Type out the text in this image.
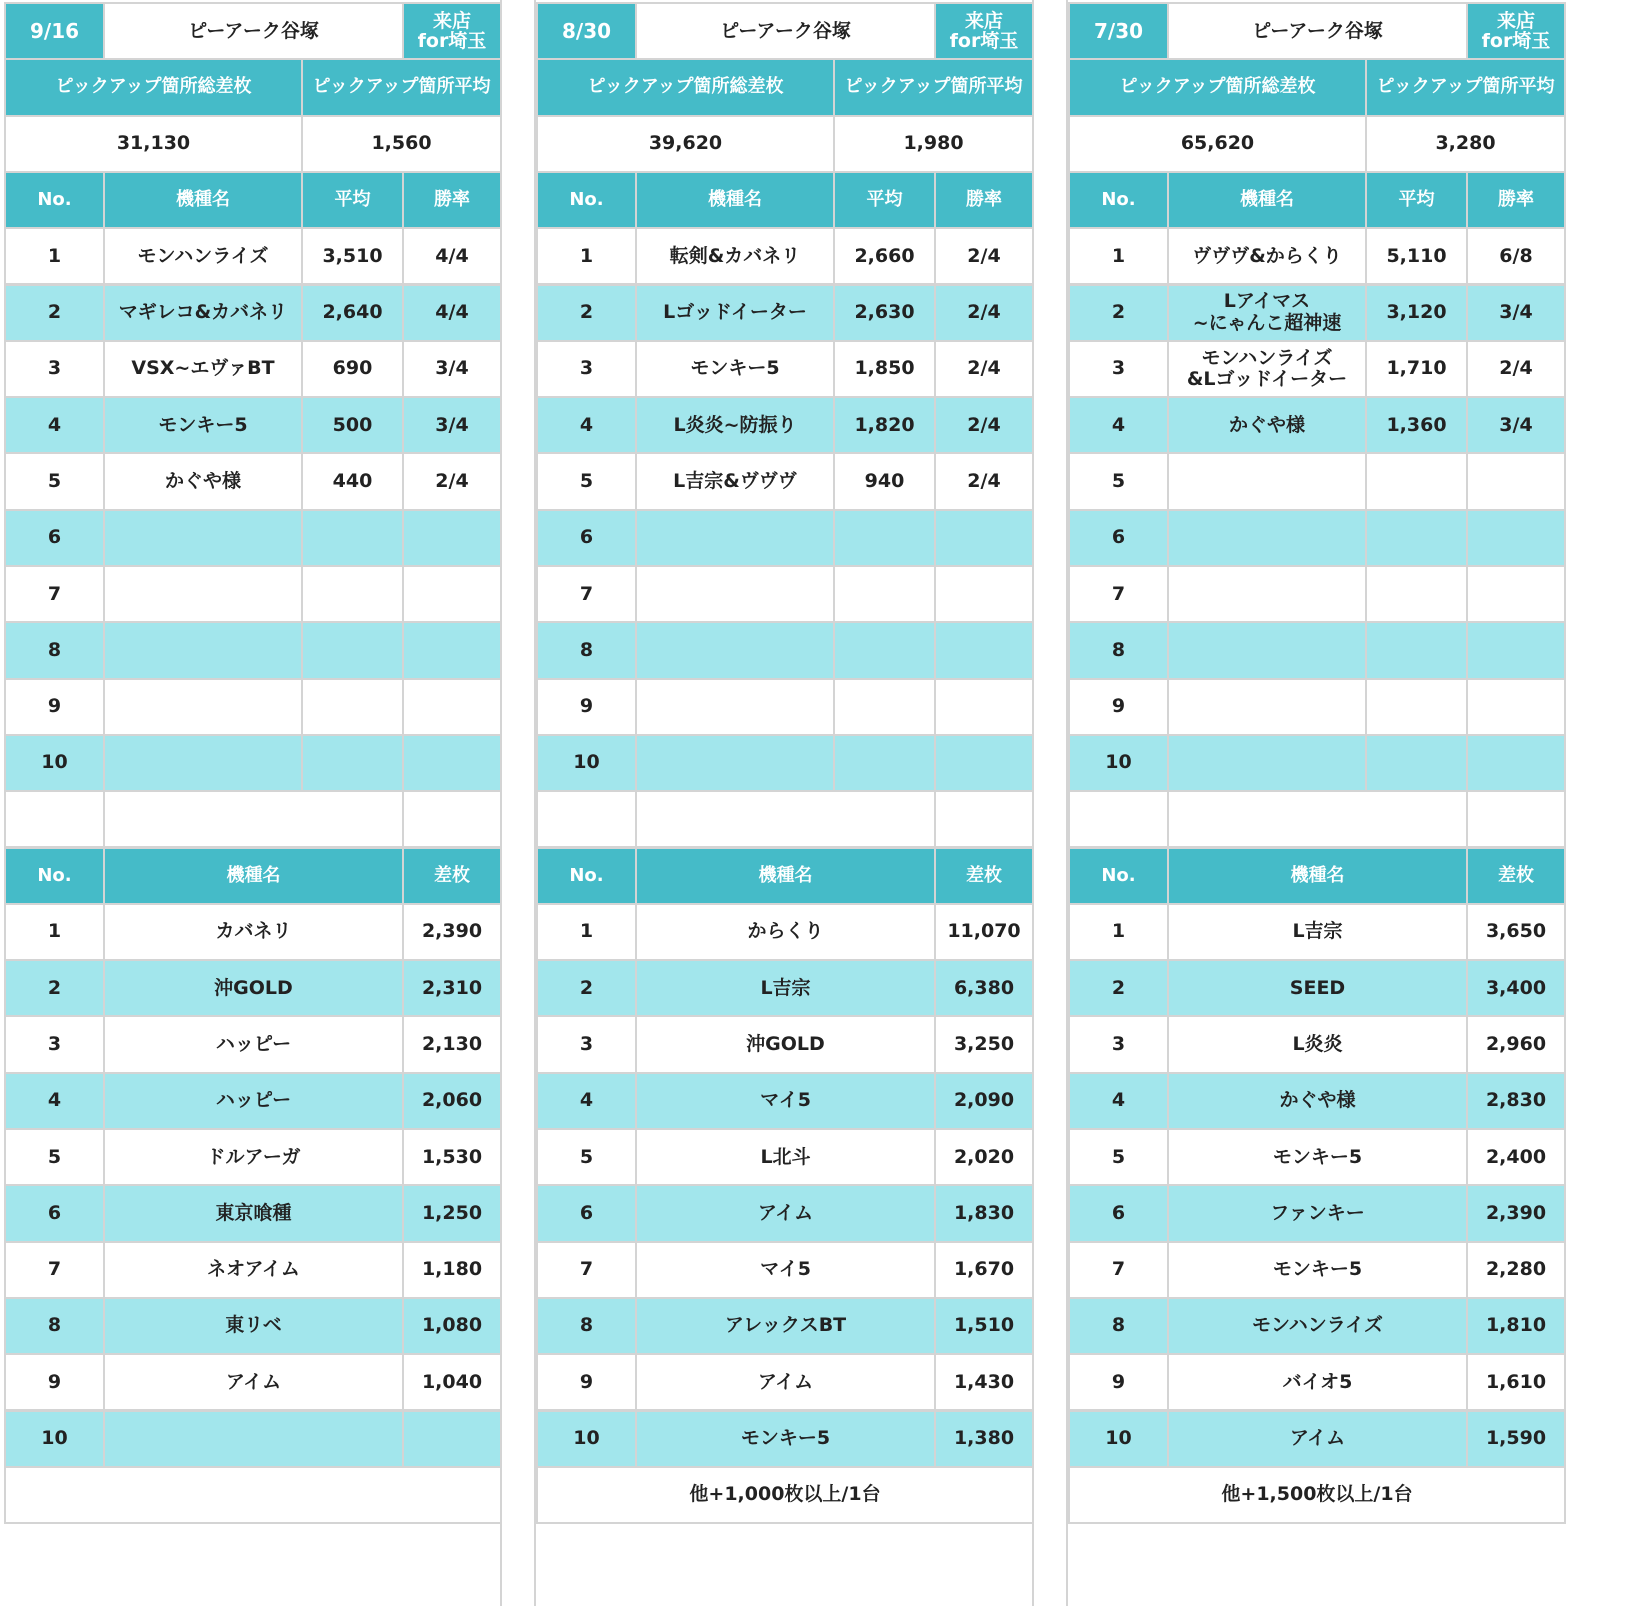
9/16	ピーアーク谷塚	来店
for埼玉
ピックアップ箇所総差枚	ピックアップ箇所平均
31,130	1,560
No.	機種名	平均	勝率
1	モンハンライズ	3,510	4/4
2	マギレコ&カバネリ	2,640	4/4
3	VSX~エヴァBT	690	3/4
4	モンキー5	500	3/4
5	かぐや様	440	2/4
6
7
8
9
10
No.	機種名	差枚
1	カバネリ	2,390
2	沖GOLD	2,310
3	ハッピー	2,130
4	ハッピー	2,060
5	ドルアーガ	1,530
6	東京喰種	1,250
7	ネオアイム	1,180
8	東リベ	1,080
9	アイム	1,040
10
8/30	ピーアーク谷塚	来店
for埼玉
ピックアップ箇所総差枚	ピックアップ箇所平均
39,620	1,980
No.	機種名	平均	勝率
1	転剣&カバネリ	2,660	2/4
2	Lゴッドイーター	2,630	2/4
3	モンキー5	1,850	2/4
4	L炎炎~防振り	1,820	2/4
5	L吉宗&ヴヴヴ	940	2/4
6
7
8
9
10
No.	機種名	差枚
1	からくり	11,070
2	L吉宗	6,380
3	沖GOLD	3,250
4	マイ5	2,090
5	L北斗	2,020
6	アイム	1,830
7	マイ5	1,670
8	アレックスBT	1,510
9	アイム	1,430
10	モンキー5	1,380
他+1,000枚以上/1台
7/30	ピーアーク谷塚	来店
for埼玉
ピックアップ箇所総差枚	ピックアップ箇所平均
65,620	3,280
No.	機種名	平均	勝率
1	ヴヴヴ&からくり	5,110	6/8
2	Lアイマス
~にゃんこ超神速	3,120	3/4
3	モンハンライズ
&Lゴッドイーター	1,710	2/4
4	かぐや様	1,360	3/4
5
6
7
8
9
10
No.	機種名	差枚
1	L吉宗	3,650
2	SEED	3,400
3	L炎炎	2,960
4	かぐや様	2,830
5	モンキー5	2,400
6	ファンキー	2,390
7	モンキー5	2,280
8	モンハンライズ	1,810
9	バイオ5	1,610
10	アイム	1,590
他+1,500枚以上/1台
